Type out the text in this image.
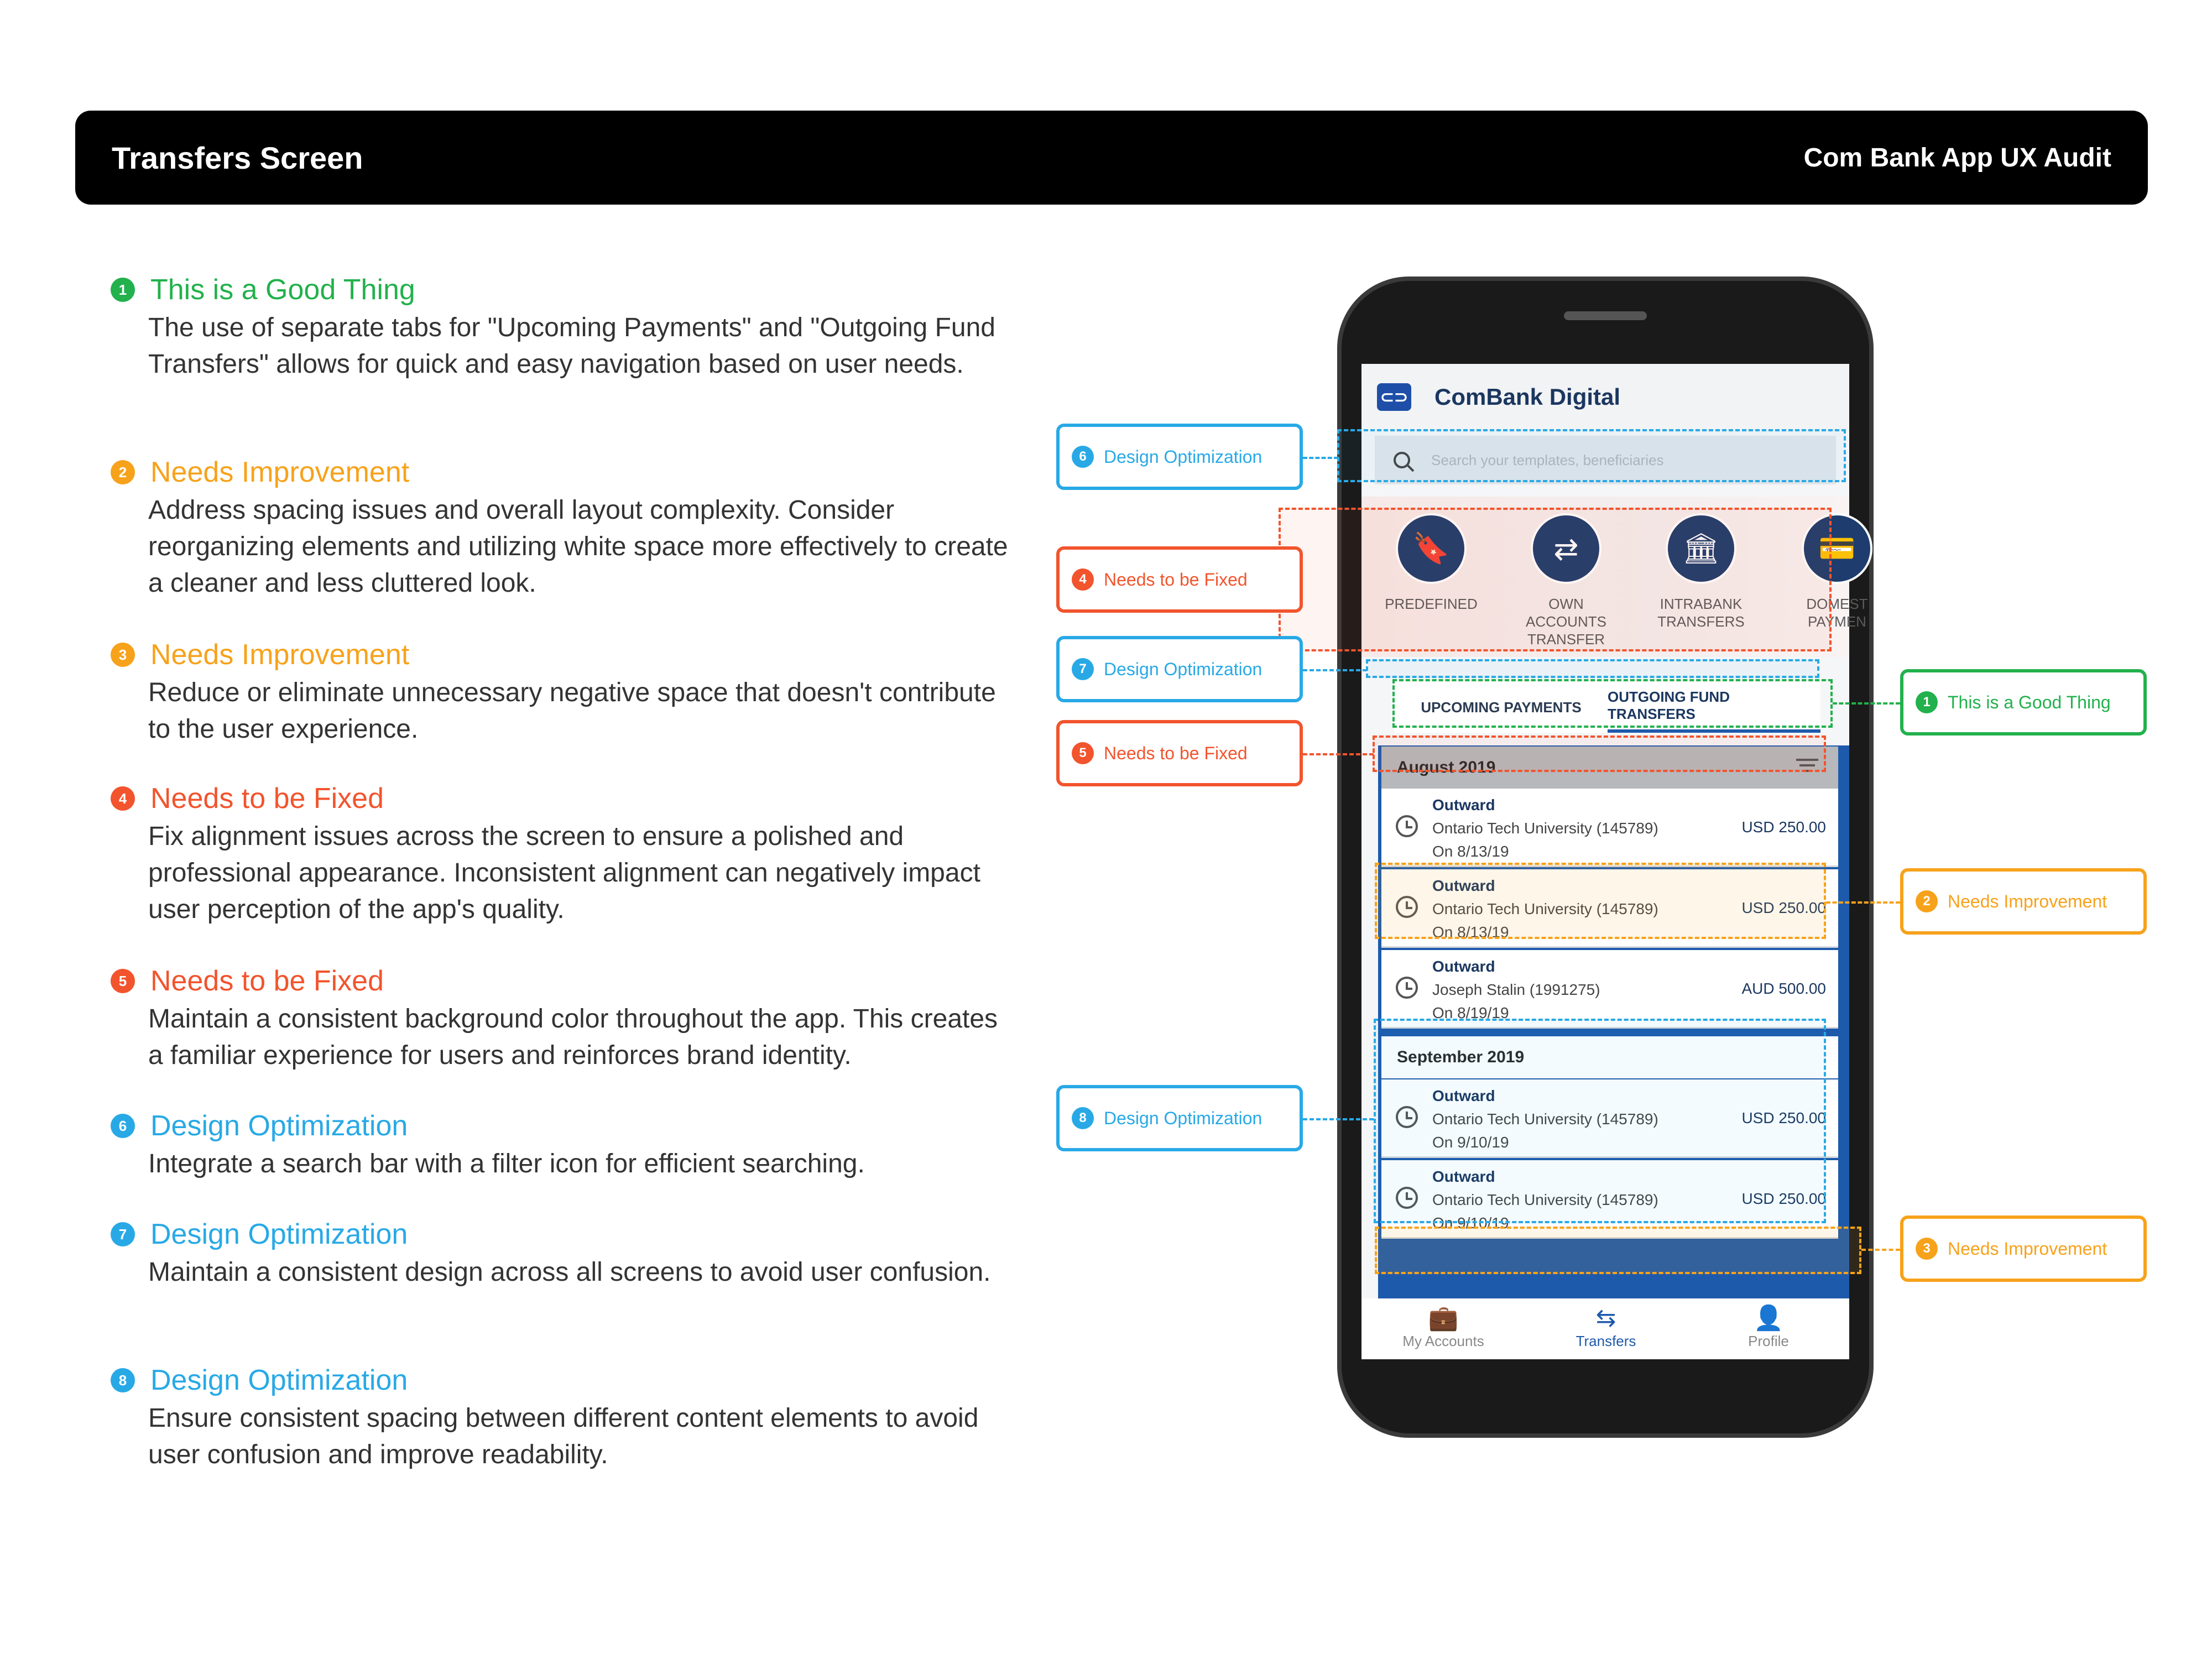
Transfers Screen	Com Bank App UX Audit
1 This is a Good Thing
The use of separate tabs for "Upcoming Payments" and "Outgoing Fund Transfers" allows for quick and easy navigation based on user needs.
2 Needs Improvement
Address spacing issues and overall layout complexity. Consider reorganizing elements and utilizing white space more effectively to create a cleaner and less cluttered look.
3 Needs Improvement
Reduce or eliminate unnecessary negative space that doesn't contribute to the user experience.
4 Needs to be Fixed
Fix alignment issues across the screen to ensure a polished and professional appearance. Inconsistent alignment can negatively impact user perception of the app's quality.
5 Needs to be Fixed
Maintain a consistent background color throughout the app. This creates a familiar experience for users and reinforces brand identity.
6 Design Optimization
Integrate a search bar with a filter icon for efficient searching.
7 Design Optimization
Maintain a consistent design across all screens to avoid user confusion.
8 Design Optimization
Ensure consistent spacing between different content elements to avoid user confusion and improve readability.
⊂⊃ ComBank Digital
Search your templates, beneficiaries
🔖
PREDEFINED
⇄
OWN ACCOUNTS
TRANSFER
🏛
INTRABANK
TRANSFERS
💳
DOMEST
PAYMEN
UPCOMING PAYMENTS
OUTGOING FUND TRANSFERS
August 2019
Outward
Ontario Tech University (145789)
On 8/13/19
USD 250.00
Outward
Ontario Tech University (145789)
On 8/13/19
USD 250.00
Outward
Joseph Stalin (1991275)
On 8/19/19
AUD 500.00
September 2019
Outward
Ontario Tech University (145789)
On 9/10/19
USD 250.00
Outward
Ontario Tech University (145789)
On 9/10/19
USD 250.00
💼
My Accounts
⇆
Transfers
👤
Profile
6 Design Optimization
4 Needs to be Fixed
7 Design Optimization
5 Needs to be Fixed
8 Design Optimization
1 This is a Good Thing
2 Needs Improvement
3 Needs Improvement
